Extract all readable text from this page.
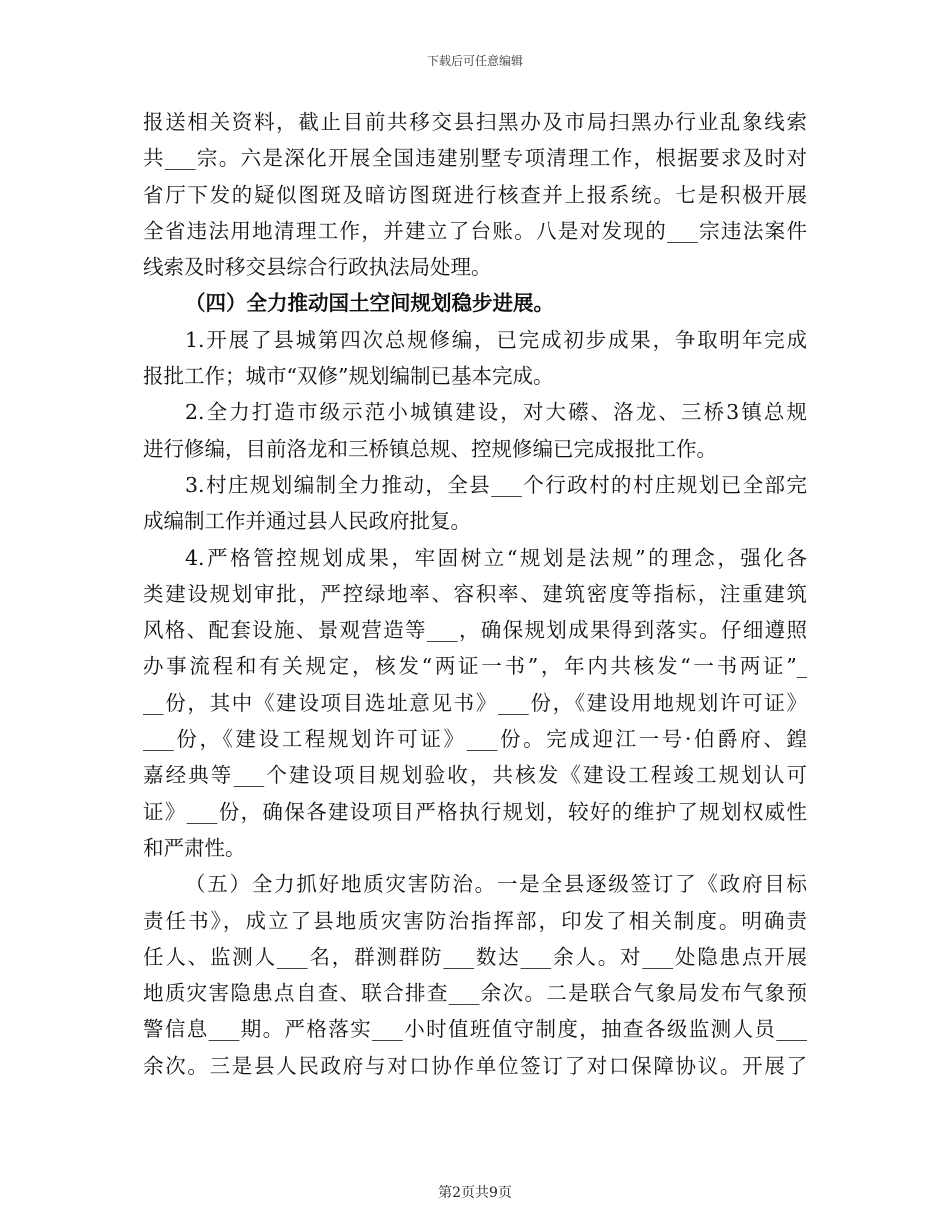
下载后可任意编辑
报送相关资料，截止目前共移交县扫黑办及市局扫黑办行业乱象线索
共___宗。六是深化开展全国违建别墅专项清理工作，根据要求及时对
省厅下发的疑似图斑及暗访图斑进行核查并上报系统。七是积极开展
全省违法用地清理工作，并建立了台账。八是对发现的___宗违法案件
线索及时移交县综合行政执法局处理。
（四）全力推动国土空间规划稳步进展。
1.开展了县城第四次总规修编，已完成初步成果，争取明年完成
报批工作；城市“双修”规划编制已基本完成。
2.全力打造市级示范小城镇建设，对大礤、洛龙、三桥3镇总规
进行修编，目前洛龙和三桥镇总规、控规修编已完成报批工作。
3.村庄规划编制全力推动，全县___个行政村的村庄规划已全部完
成编制工作并通过县人民政府批复。
4.严格管控规划成果，牢固树立“规划是法规”的理念，强化各
类建设规划审批，严控绿地率、容积率、建筑密度等指标，注重建筑
风格、配套设施、景观营造等___，确保规划成果得到落实。仔细遵照
办事流程和有关规定，核发“两证一书”，年内共核发“一书两证”_
__份，其中《建设项目选址意见书》___份，《建设用地规划许可证》
___份，《建设工程规划许可证》___份。完成迎江一号·伯爵府、鍠
嘉经典等___个建设项目规划验收，共核发《建设工程竣工规划认可
证》___份，确保各建设项目严格执行规划，较好的维护了规划权威性
和严肃性。
（五）全力抓好地质灾害防治。一是全县逐级签订了《政府目标
责任书》，成立了县地质灾害防治指挥部，印发了相关制度。明确责
任人、监测人___名，群测群防___数达___余人。对___处隐患点开展
地质灾害隐患点自查、联合排查___余次。二是联合气象局发布气象预
警信息___期。严格落实___小时值班值守制度，抽查各级监测人员___
余次。三是县人民政府与对口协作单位签订了对口保障协议。开展了
第2页共9页
